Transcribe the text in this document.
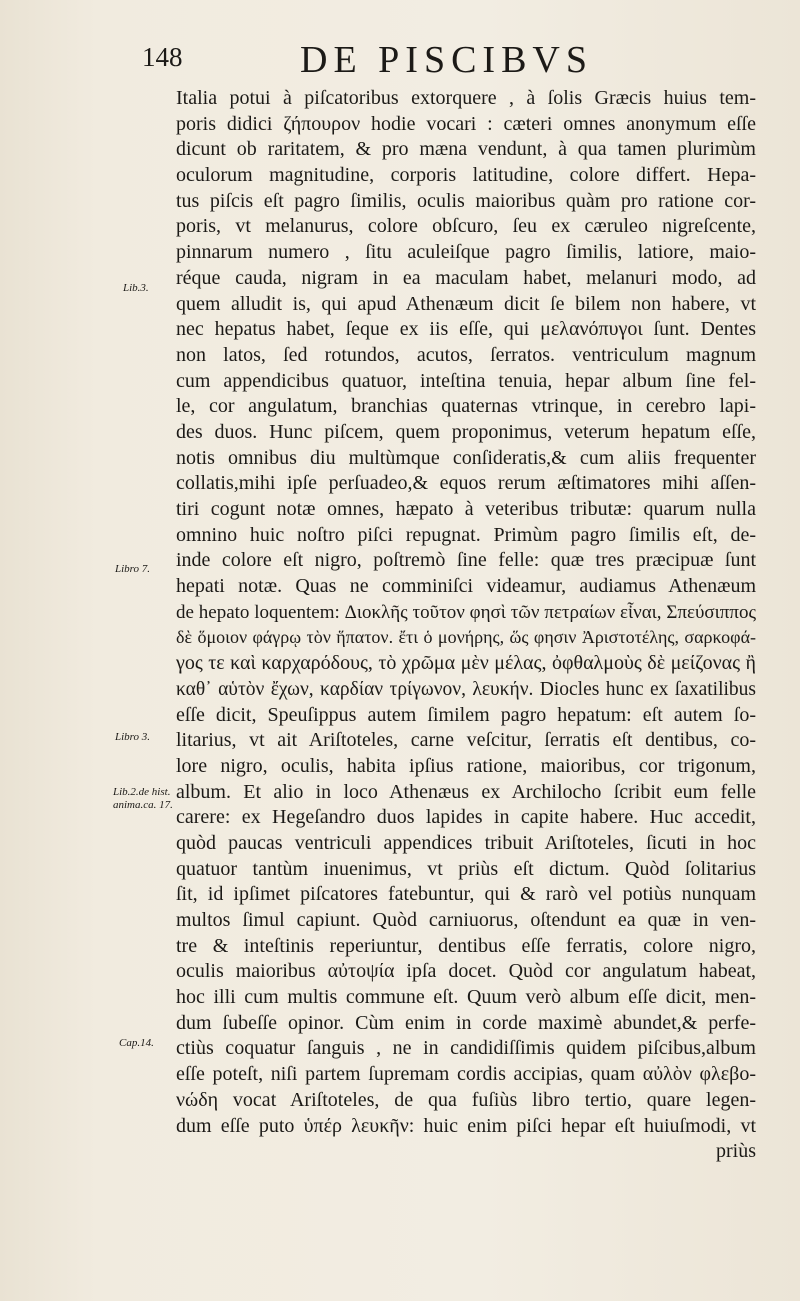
148	DE PISCIBVS
Lib.3.
Libro 7.
Libro 3.
Lib.2.de hist.
anima.ca. 17.
Cap.14.
Italia potui à piſcatoribus extorquere , à ſolis Græcis huius tem-
poris didici ζήπουρον hodie vocari : cæteri omnes anonymum eſſe
dicunt ob raritatem, & pro mæna vendunt, à qua tamen plurimùm
oculorum magnitudine, corporis latitudine, colore differt. Hepa-
tus piſcis eſt pagro ſimilis, oculis maioribus quàm pro ratione cor-
poris, vt melanurus, colore obſcuro, ſeu ex cæruleo nigreſcente,
pinnarum numero , ſitu aculeiſque pagro ſimilis, latiore, maio-
réque cauda, nigram in ea maculam habet, melanuri modo, ad
quem alludit is, qui apud Athenæum dicit ſe bilem non habere, vt
nec hepatus habet, ſeque ex iis eſſe, qui μελανόπυγοι ſunt. Dentes
non latos, ſed rotundos, acutos, ſerratos. ventriculum magnum
cum appendicibus quatuor, inteſtina tenuia, hepar album ſine fel-
le, cor angulatum, branchias quaternas vtrinque, in cerebro lapi-
des duos. Hunc piſcem, quem proponimus, veterum hepatum eſſe,
notis omnibus diu multùmque conſideratis,& cum aliis frequenter
collatis,mihi ipſe perſuadeo,& equos rerum æſtimatores mihi aſſen-
tiri cogunt notæ omnes, hæpato à veteribus tributæ: quarum nulla
omnino huic noſtro piſci repugnat. Primùm pagro ſimilis eſt, de-
inde colore eſt nigro, poſtremò ſine felle: quæ tres præcipuæ ſunt
hepati notæ. Quas ne comminiſci videamur, audiamus Athenæum
de hepato loquentem: Διοκλῆς τοῦτον φησὶ τῶν πετραίων εἶναι, Σπεύσιππος
δὲ ὅμοιον φάγρῳ τὸν ἥπατον. ἔτι ὁ μονήρης, ὥς φησιν Ἀριστοτέλης, σαρκοφά-
γος τε καὶ καρχαρόδους, τὸ χρῶμα μὲν μέλας, ὀφθαλμοὺς δὲ μείζονας ἢ
καθ᾽ αὑτὸν ἔχων, καρδίαν τρίγωνον, λευκήν. Diocles hunc ex ſaxatilibus
eſſe dicit, Speuſippus autem ſimilem pagro hepatum: eſt autem ſo-
litarius, vt ait Ariſtoteles, carne veſcitur, ſerratis eſt dentibus, co-
lore nigro, oculis, habita ipſius ratione, maioribus, cor trigonum,
album. Et alio in loco Athenæus ex Archilocho ſcribit eum felle
carere: ex Hegeſandro duos lapides in capite habere. Huc accedit,
quòd paucas ventriculi appendices tribuit Ariſtoteles, ſicuti in hoc
quatuor tantùm inuenimus, vt priùs eſt dictum. Quòd ſolitarius
ſit, id ipſimet piſcatores fatebuntur, qui & rarò vel potiùs nunquam
multos ſimul capiunt. Quòd carniuorus, oſtendunt ea quæ in ven-
tre & inteſtinis reperiuntur, dentibus eſſe ferratis, colore nigro,
oculis maioribus αὐτοψία ipſa docet. Quòd cor angulatum habeat,
hoc illi cum multis commune eſt. Quum verò album eſſe dicit, men-
dum ſubeſſe opinor. Cùm enim in corde maximè abundet,& perfe-
ctiùs coquatur ſanguis , ne in candidiſſimis quidem piſcibus,album
eſſe poteſt, niſi partem ſupremam cordis accipias, quam αὐλὸν φλεβο-
νώδη vocat Ariſtoteles, de qua fuſiùs libro tertio, quare legen-
dum eſſe puto ὑπέρ λευκῆν: huic enim piſci hepar eſt huiuſmodi, vt
priùs
